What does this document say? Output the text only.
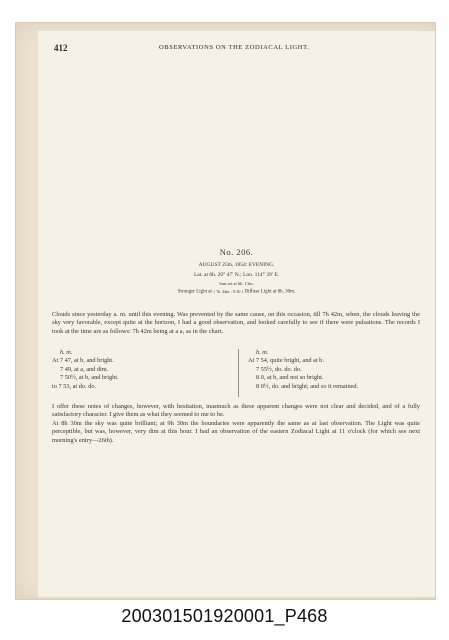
412	OBSERVATIONS ON THE ZODIACAL LIGHT.
No. 206.
AUGUST 25th, 1854: EVENING.
Lat. at 6h. 20° 47′ N.; Lon. 114° 39′ E.
Sun set at 6h. 13m.
Stronger Light at { 7h. 44m. / 8 30 } Diffuse Light at 8h. 30m.
Clouds since yesterday a. m. until this evening. Was prevented by the same cause, on this occasion, till 7h 42m, when, the clouds leaving the sky very favorable, except quite at the horizon, I had a good observation, and looked carefully to see if there were pulsations. The records I took at the time are as follows: 7h 42m being at a a, as in the chart.
h. m.
At 7 47, at b, and bright.
7 49, at a, and dim.
7 50½, at b, and bright.
to 7 53, at do. do.
h. m.
At 7 54, quite bright, and at b.
7 55½, do. do. do.
8 0, at b, and not so bright.
8 0½, do. and bright; and so it remained.
I offer these notes of changes, however, with hesitation, inasmuch as these apparent changes were not clear and decided, and of a fully satisfactory character. I give them as what they seemed to me to be.
At 8h 30m the sky was quite brilliant; at 9h 30m the boundaries were apparently the same as at last observation. The Light was quite perceptible, but was, however, very dim at this hour. I had an observation of the eastern Zodiacal Light at 11 o'clock (for which see next morning's entry—26th).
200301501920001_P468
